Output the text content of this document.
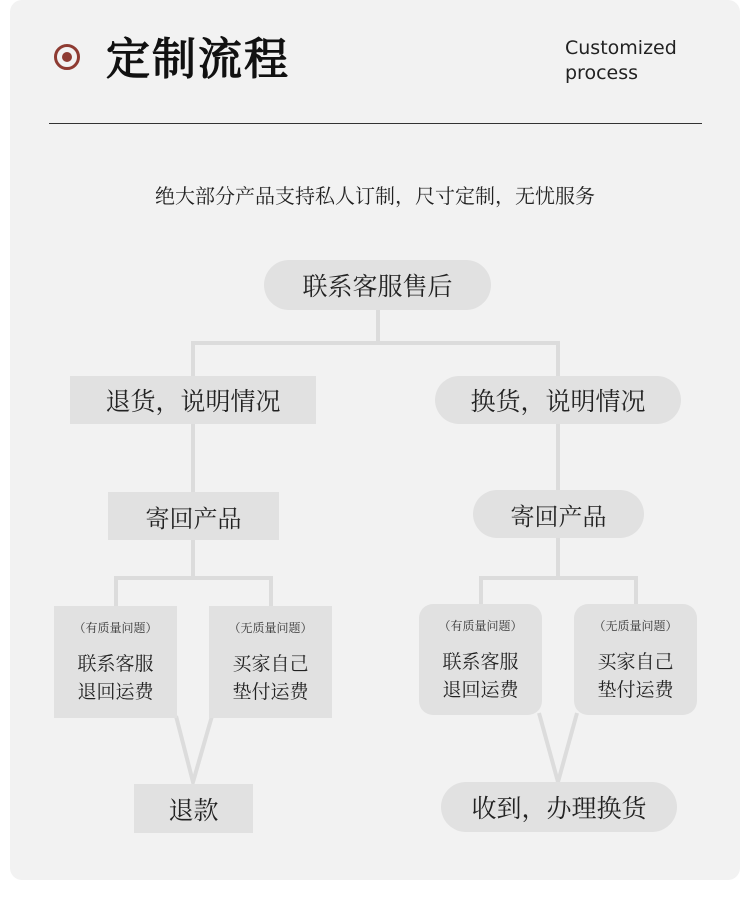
定制流程	Customized
process
绝大部分产品支持私人订制，尺寸定制，无忧服务
联系客服售后
退货，说明情况
寄回产品
（有质量问题）
联系客服
退回运费
（无质量问题）
买家自己
垫付运费
退款
换货，说明情况
寄回产品
（有质量问题）
联系客服
退回运费
（无质量问题）
买家自己
垫付运费
收到，办理换货
